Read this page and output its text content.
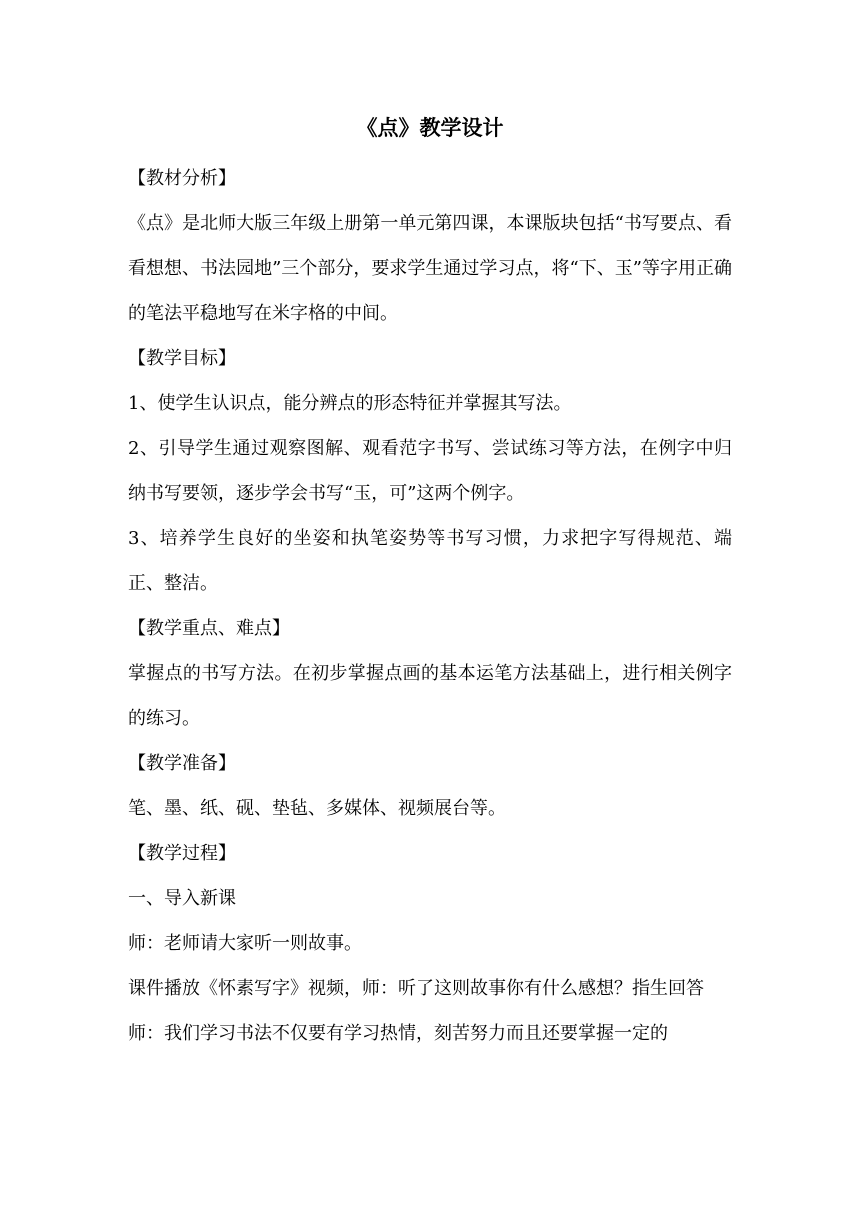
《点》教学设计

【教材分析】

《点》是北师大版三年级上册第一单元第四课，本课版块包括“书写要点、看看想想、书法园地”三个部分，要求学生通过学习点，将“下、玉”等字用正确的笔法平稳地写在米字格的中间。

【教学目标】

1、使学生认识点，能分辨点的形态特征并掌握其写法。

2、引导学生通过观察图解、观看范字书写、尝试练习等方法，在例字中归纳书写要领，逐步学会书写“玉，可”这两个例字。

3、培养学生良好的坐姿和执笔姿势等书写习惯，力求把字写得规范、端正、整洁。

【教学重点、难点】

掌握点的书写方法。在初步掌握点画的基本运笔方法基础上，进行相关例字的练习。

【教学准备】

笔、墨、纸、砚、垫毡、多媒体、视频展台等。

【教学过程】

一、导入新课

师：老师请大家听一则故事。

课件播放《怀素写字》视频，师：听了这则故事你有什么感想？指生回答

师：我们学习书法不仅要有学习热情，刻苦努力而且还要掌握一定的
